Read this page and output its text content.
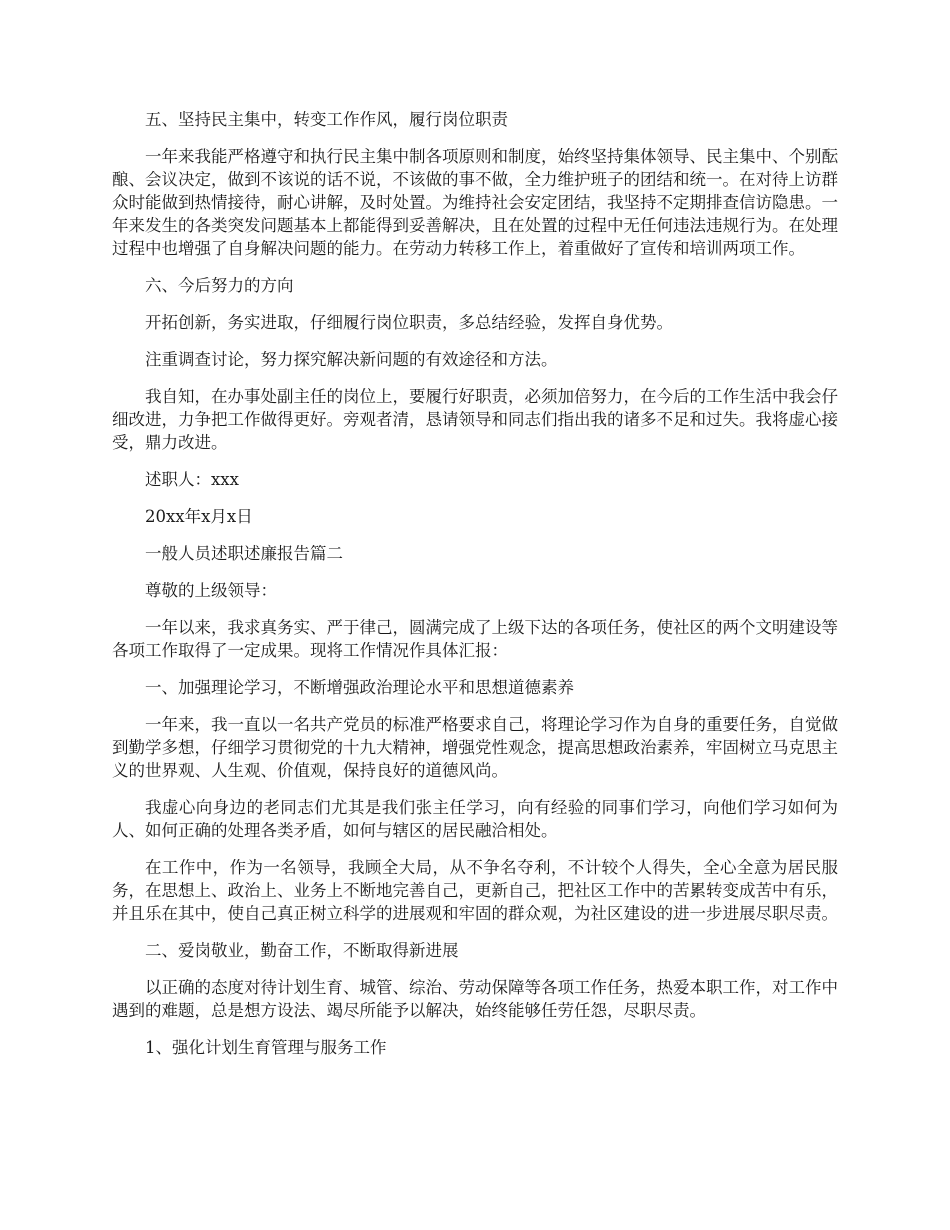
五、坚持民主集中，转变工作作风，履行岗位职责

一年来我能严格遵守和执行民主集中制各项原则和制度，始终坚持集体领导、民主集中、个别酝酿、会议决定，做到不该说的话不说，不该做的事不做，全力维护班子的团结和统一。在对待上访群众时能做到热情接待，耐心讲解，及时处置。为维持社会安定团结，我坚持不定期排查信访隐患。一年来发生的各类突发问题基本上都能得到妥善解决，且在处置的过程中无任何违法违规行为。在处理过程中也增强了自身解决问题的能力。在劳动力转移工作上，着重做好了宣传和培训两项工作。

六、今后努力的方向

开拓创新，务实进取，仔细履行岗位职责，多总结经验，发挥自身优势。

注重调查讨论，努力探究解决新问题的有效途径和方法。

我自知，在办事处副主任的岗位上，要履行好职责，必须加倍努力，在今后的工作生活中我会仔细改进，力争把工作做得更好。旁观者清，恳请领导和同志们指出我的诸多不足和过失。我将虚心接受，鼎力改进。

述职人：xxx

20xx年x月x日

一般人员述职述廉报告篇二

尊敬的上级领导：

一年以来，我求真务实、严于律己，圆满完成了上级下达的各项任务，使社区的两个文明建设等各项工作取得了一定成果。现将工作情况作具体汇报：

一、加强理论学习，不断增强政治理论水平和思想道德素养

一年来，我一直以一名共产党员的标准严格要求自己，将理论学习作为自身的重要任务，自觉做到勤学多想，仔细学习贯彻党的十九大精神，增强党性观念，提高思想政治素养，牢固树立马克思主义的世界观、人生观、价值观，保持良好的道德风尚。

我虚心向身边的老同志们尤其是我们张主任学习，向有经验的同事们学习，向他们学习如何为人、如何正确的处理各类矛盾，如何与辖区的居民融洽相处。

在工作中，作为一名领导，我顾全大局，从不争名夺利，不计较个人得失，全心全意为居民服务，在思想上、政治上、业务上不断地完善自己，更新自己，把社区工作中的苦累转变成苦中有乐，并且乐在其中，使自己真正树立科学的进展观和牢固的群众观，为社区建设的进一步进展尽职尽责。

二、爱岗敬业，勤奋工作，不断取得新进展

以正确的态度对待计划生育、城管、综治、劳动保障等各项工作任务，热爱本职工作，对工作中遇到的难题，总是想方设法、竭尽所能予以解决，始终能够任劳任怨，尽职尽责。

1、强化计划生育管理与服务工作
